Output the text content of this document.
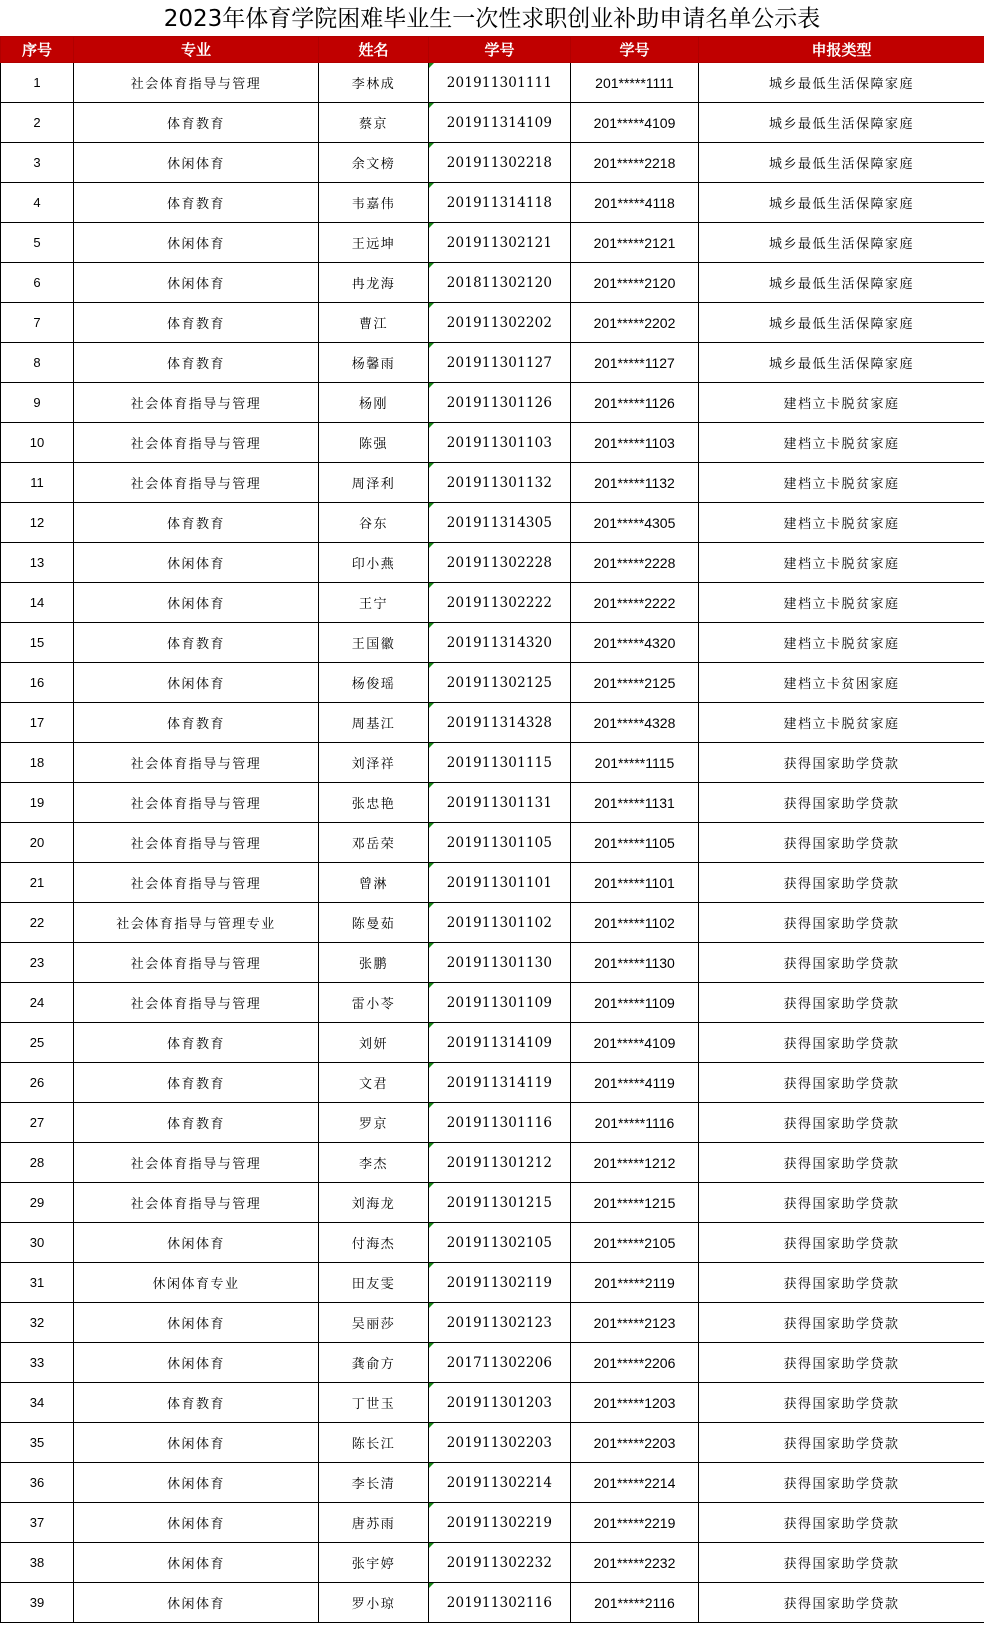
2023年体育学院困难毕业生一次性求职创业补助申请名单公示表
序号	专业	姓名	学号	学号	申报类型
1	社会体育指导与管理	李林成	201911301111	201*****1111	城乡最低生活保障家庭
2	体育教育	蔡京	201911314109	201*****4109	城乡最低生活保障家庭
3	休闲体育	余文榜	201911302218	201*****2218	城乡最低生活保障家庭
4	体育教育	韦嘉伟	201911314118	201*****4118	城乡最低生活保障家庭
5	休闲体育	王远坤	201911302121	201*****2121	城乡最低生活保障家庭
6	休闲体育	冉龙海	201811302120	201*****2120	城乡最低生活保障家庭
7	体育教育	曹江	201911302202	201*****2202	城乡最低生活保障家庭
8	体育教育	杨馨雨	201911301127	201*****1127	城乡最低生活保障家庭
9	社会体育指导与管理	杨刚	201911301126	201*****1126	建档立卡脱贫家庭
10	社会体育指导与管理	陈强	201911301103	201*****1103	建档立卡脱贫家庭
11	社会体育指导与管理	周泽利	201911301132	201*****1132	建档立卡脱贫家庭
12	体育教育	谷东	201911314305	201*****4305	建档立卡脱贫家庭
13	休闲体育	印小燕	201911302228	201*****2228	建档立卡脱贫家庭
14	休闲体育	王宁	201911302222	201*****2222	建档立卡脱贫家庭
15	体育教育	王国徽	201911314320	201*****4320	建档立卡脱贫家庭
16	休闲体育	杨俊瑶	201911302125	201*****2125	建档立卡贫困家庭
17	体育教育	周基江	201911314328	201*****4328	建档立卡脱贫家庭
18	社会体育指导与管理	刘泽祥	201911301115	201*****1115	获得国家助学贷款
19	社会体育指导与管理	张忠艳	201911301131	201*****1131	获得国家助学贷款
20	社会体育指导与管理	邓岳荣	201911301105	201*****1105	获得国家助学贷款
21	社会体育指导与管理	曾淋	201911301101	201*****1101	获得国家助学贷款
22	社会体育指导与管理专业	陈曼茹	201911301102	201*****1102	获得国家助学贷款
23	社会体育指导与管理	张鹏	201911301130	201*****1130	获得国家助学贷款
24	社会体育指导与管理	雷小苓	201911301109	201*****1109	获得国家助学贷款
25	体育教育	刘妍	201911314109	201*****4109	获得国家助学贷款
26	体育教育	文君	201911314119	201*****4119	获得国家助学贷款
27	体育教育	罗京	201911301116	201*****1116	获得国家助学贷款
28	社会体育指导与管理	李杰	201911301212	201*****1212	获得国家助学贷款
29	社会体育指导与管理	刘海龙	201911301215	201*****1215	获得国家助学贷款
30	休闲体育	付海杰	201911302105	201*****2105	获得国家助学贷款
31	休闲体育专业	田友雯	201911302119	201*****2119	获得国家助学贷款
32	休闲体育	吴丽莎	201911302123	201*****2123	获得国家助学贷款
33	休闲体育	龚俞方	201711302206	201*****2206	获得国家助学贷款
34	体育教育	丁世玉	201911301203	201*****1203	获得国家助学贷款
35	休闲体育	陈长江	201911302203	201*****2203	获得国家助学贷款
36	休闲体育	李长清	201911302214	201*****2214	获得国家助学贷款
37	休闲体育	唐苏雨	201911302219	201*****2219	获得国家助学贷款
38	休闲体育	张宇婷	201911302232	201*****2232	获得国家助学贷款
39	休闲体育	罗小琼	201911302116	201*****2116	获得国家助学贷款
